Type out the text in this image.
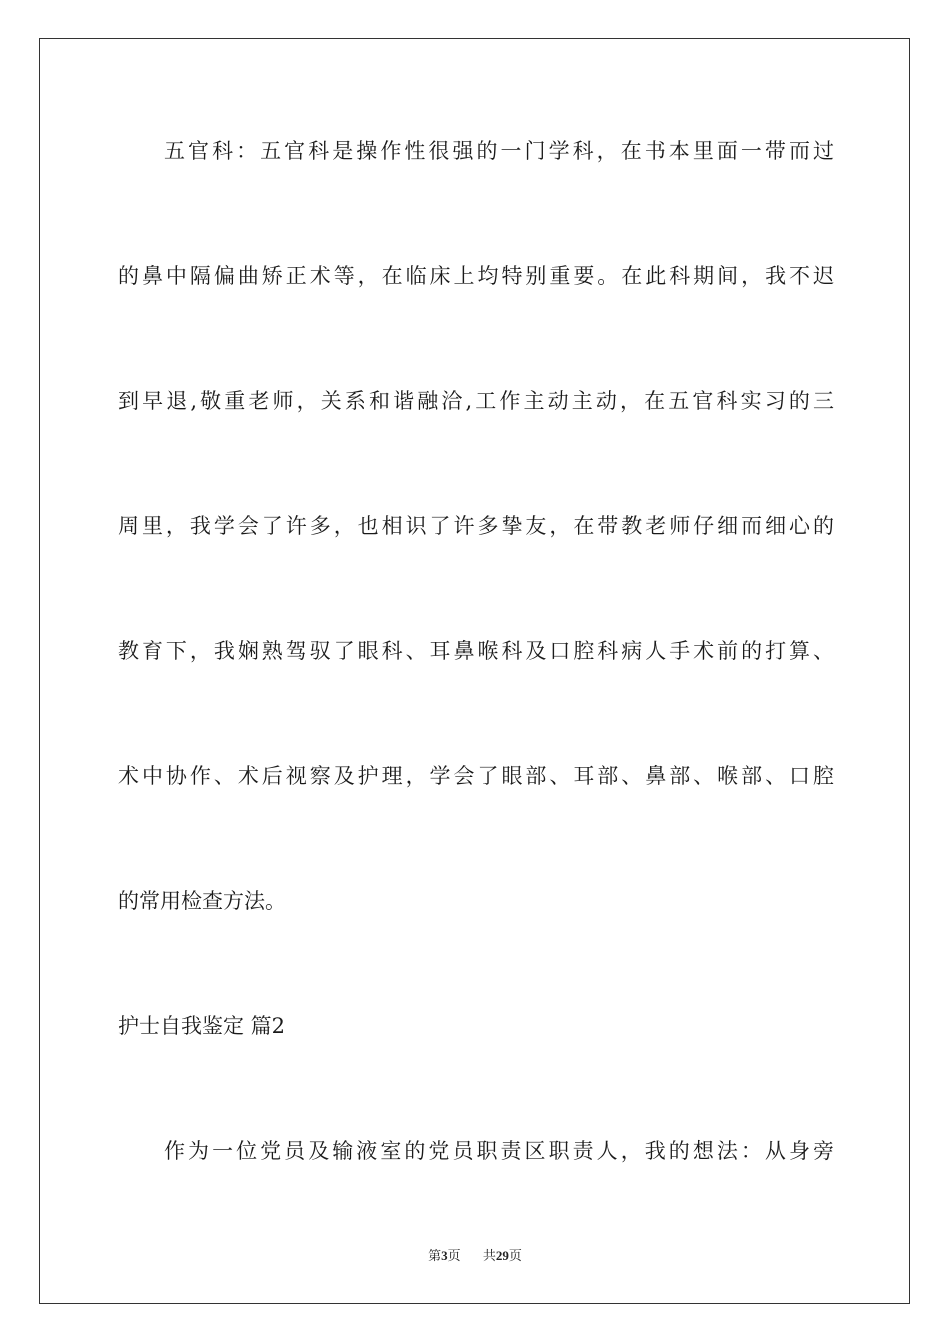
五官科：五官科是操作性很强的一门学科，在书本里面一带而过
的鼻中隔偏曲矫正术等，在临床上均特别重要。在此科期间，我不迟
到早退,敬重老师，关系和谐融洽,工作主动主动，在五官科实习的三
周里，我学会了许多，也相识了许多挚友，在带教老师仔细而细心的
教育下，我娴熟驾驭了眼科、耳鼻喉科及口腔科病人手术前的打算、
术中协作、术后视察及护理，学会了眼部、耳部、鼻部、喉部、口腔
的常用检查方法。
护士自我鉴定 篇2
作为一位党员及输液室的党员职责区职责人，我的想法：从身旁
第3页 共29页
